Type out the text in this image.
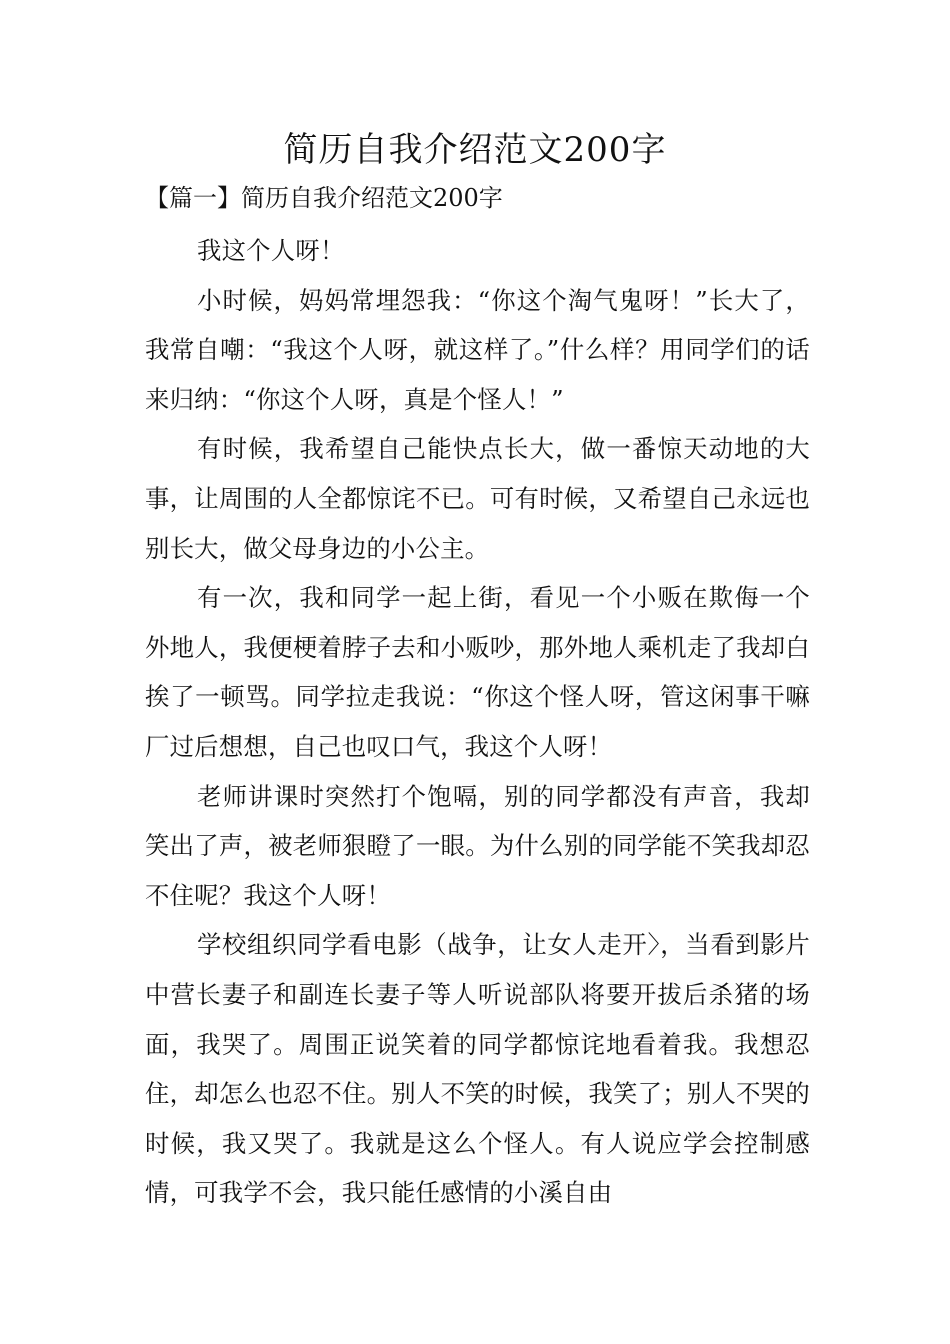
简历自我介绍范文200字
【篇一】简历自我介绍范文200字

我这个人呀！

小时候，妈妈常埋怨我：“你这个淘气鬼呀！”长大了，我常自嘲：“我这个人呀，就这样了。”什么样？用同学们的话来归纳：“你这个人呀，真是个怪人！”

有时候，我希望自己能快点长大，做一番惊天动地的大事，让周围的人全都惊诧不已。可有时候，又希望自己永远也别长大，做父母身边的小公主。

有一次，我和同学一起上街，看见一个小贩在欺侮一个外地人，我便梗着脖子去和小贩吵，那外地人乘机走了我却白挨了一顿骂。同学拉走我说：“你这个怪人呀，管这闲事干嘛厂过后想想，自己也叹口气，我这个人呀！

老师讲课时突然打个饱嗝，别的同学都没有声音，我却笑出了声，被老师狠瞪了一眼。为什么别的同学能不笑我却忍不住呢？我这个人呀！

学校组织同学看电影（战争，让女人走开〉，当看到影片中营长妻子和副连长妻子等人听说部队将要开拔后杀猪的场面，我哭了。周围正说笑着的同学都惊诧地看着我。我想忍住，却怎么也忍不住。别人不笑的时候，我笑了；别人不哭的时候，我又哭了。我就是这么个怪人。有人说应学会控制感情，可我学不会，我只能任感情的小溪自由
